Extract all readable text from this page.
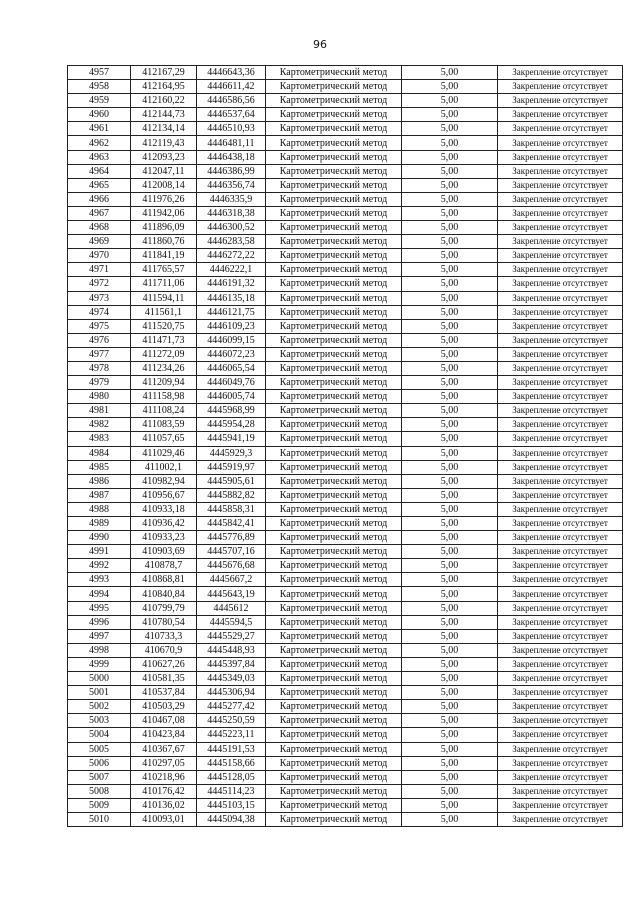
96
4957	412167,29	4446643,36	Картометрический метод	5,00	Закрепление отсутствует
4958	412164,95	4446611,42	Картометрический метод	5,00	Закрепление отсутствует
4959	412160,22	4446586,56	Картометрический метод	5,00	Закрепление отсутствует
4960	412144,73	4446537,64	Картометрический метод	5,00	Закрепление отсутствует
4961	412134,14	4446510,93	Картометрический метод	5,00	Закрепление отсутствует
4962	412119,43	4446481,11	Картометрический метод	5,00	Закрепление отсутствует
4963	412093,23	4446438,18	Картометрический метод	5,00	Закрепление отсутствует
4964	412047,11	4446386,99	Картометрический метод	5,00	Закрепление отсутствует
4965	412008,14	4446356,74	Картометрический метод	5,00	Закрепление отсутствует
4966	411976,26	4446335,9	Картометрический метод	5,00	Закрепление отсутствует
4967	411942,06	4446318,38	Картометрический метод	5,00	Закрепление отсутствует
4968	411896,09	4446300,52	Картометрический метод	5,00	Закрепление отсутствует
4969	411860,76	4446283,58	Картометрический метод	5,00	Закрепление отсутствует
4970	411841,19	4446272,22	Картометрический метод	5,00	Закрепление отсутствует
4971	411765,57	4446222,1	Картометрический метод	5,00	Закрепление отсутствует
4972	411711,06	4446191,32	Картометрический метод	5,00	Закрепление отсутствует
4973	411594,11	4446135,18	Картометрический метод	5,00	Закрепление отсутствует
4974	411561,1	4446121,75	Картометрический метод	5,00	Закрепление отсутствует
4975	411520,75	4446109,23	Картометрический метод	5,00	Закрепление отсутствует
4976	411471,73	4446099,15	Картометрический метод	5,00	Закрепление отсутствует
4977	411272,09	4446072,23	Картометрический метод	5,00	Закрепление отсутствует
4978	411234,26	4446065,54	Картометрический метод	5,00	Закрепление отсутствует
4979	411209,94	4446049,76	Картометрический метод	5,00	Закрепление отсутствует
4980	411158,98	4446005,74	Картометрический метод	5,00	Закрепление отсутствует
4981	411108,24	4445968,99	Картометрический метод	5,00	Закрепление отсутствует
4982	411083,59	4445954,28	Картометрический метод	5,00	Закрепление отсутствует
4983	411057,65	4445941,19	Картометрический метод	5,00	Закрепление отсутствует
4984	411029,46	4445929,3	Картометрический метод	5,00	Закрепление отсутствует
4985	411002,1	4445919,97	Картометрический метод	5,00	Закрепление отсутствует
4986	410982,94	4445905,61	Картометрический метод	5,00	Закрепление отсутствует
4987	410956,67	4445882,82	Картометрический метод	5,00	Закрепление отсутствует
4988	410933,18	4445858,31	Картометрический метод	5,00	Закрепление отсутствует
4989	410936,42	4445842,41	Картометрический метод	5,00	Закрепление отсутствует
4990	410933,23	4445776,89	Картометрический метод	5,00	Закрепление отсутствует
4991	410903,69	4445707,16	Картометрический метод	5,00	Закрепление отсутствует
4992	410878,7	4445676,68	Картометрический метод	5,00	Закрепление отсутствует
4993	410868,81	4445667,2	Картометрический метод	5,00	Закрепление отсутствует
4994	410840,84	4445643,19	Картометрический метод	5,00	Закрепление отсутствует
4995	410799,79	4445612	Картометрический метод	5,00	Закрепление отсутствует
4996	410780,54	4445594,5	Картометрический метод	5,00	Закрепление отсутствует
4997	410733,3	4445529,27	Картометрический метод	5,00	Закрепление отсутствует
4998	410670,9	4445448,93	Картометрический метод	5,00	Закрепление отсутствует
4999	410627,26	4445397,84	Картометрический метод	5,00	Закрепление отсутствует
5000	410581,35	4445349,03	Картометрический метод	5,00	Закрепление отсутствует
5001	410537,84	4445306,94	Картометрический метод	5,00	Закрепление отсутствует
5002	410503,29	4445277,42	Картометрический метод	5,00	Закрепление отсутствует
5003	410467,08	4445250,59	Картометрический метод	5,00	Закрепление отсутствует
5004	410423,84	4445223,11	Картометрический метод	5,00	Закрепление отсутствует
5005	410367,67	4445191,53	Картометрический метод	5,00	Закрепление отсутствует
5006	410297,05	4445158,66	Картометрический метод	5,00	Закрепление отсутствует
5007	410218,96	4445128,05	Картометрический метод	5,00	Закрепление отсутствует
5008	410176,42	4445114,23	Картометрический метод	5,00	Закрепление отсутствует
5009	410136,02	4445103,15	Картометрический метод	5,00	Закрепление отсутствует
5010	410093,01	4445094,38	Картометрический метод	5,00	Закрепление отсутствует
